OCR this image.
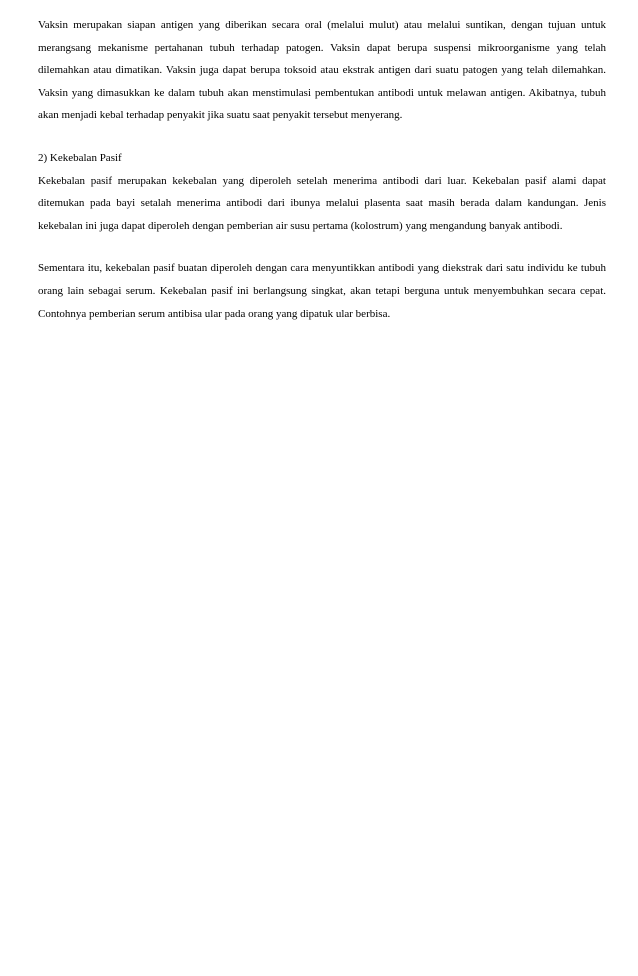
Vaksin merupakan siapan antigen yang diberikan secara oral (melalui mulut) atau melalui suntikan, dengan tujuan untuk merangsang mekanisme pertahanan tubuh terhadap patogen. Vaksin dapat berupa suspensi mikroorganisme yang telah dilemahkan atau dimatikan. Vaksin juga dapat berupa toksoid atau ekstrak antigen dari suatu patogen yang telah dilemahkan. Vaksin yang dimasukkan ke dalam tubuh akan menstimulasi pembentukan antibodi untuk melawan antigen. Akibatnya, tubuh akan menjadi kebal terhadap penyakit jika suatu saat penyakit tersebut menyerang.

2) Kekebalan Pasif

Kekebalan pasif merupakan kekebalan yang diperoleh setelah menerima antibodi dari luar. Kekebalan pasif alami dapat ditemukan pada bayi setalah menerima antibodi dari ibunya melalui plasenta saat masih berada dalam kandungan. Jenis kekebalan ini juga dapat diperoleh dengan pemberian air susu pertama (kolostrum) yang mengandung banyak antibodi.

Sementara itu, kekebalan pasif buatan diperoleh dengan cara menyuntikkan antibodi yang diekstrak dari satu individu ke tubuh orang lain sebagai serum. Kekebalan pasif ini berlangsung singkat, akan tetapi berguna untuk menyembuhkan secara cepat. Contohnya pemberian serum antibisa ular pada orang yang dipatuk ular berbisa.
